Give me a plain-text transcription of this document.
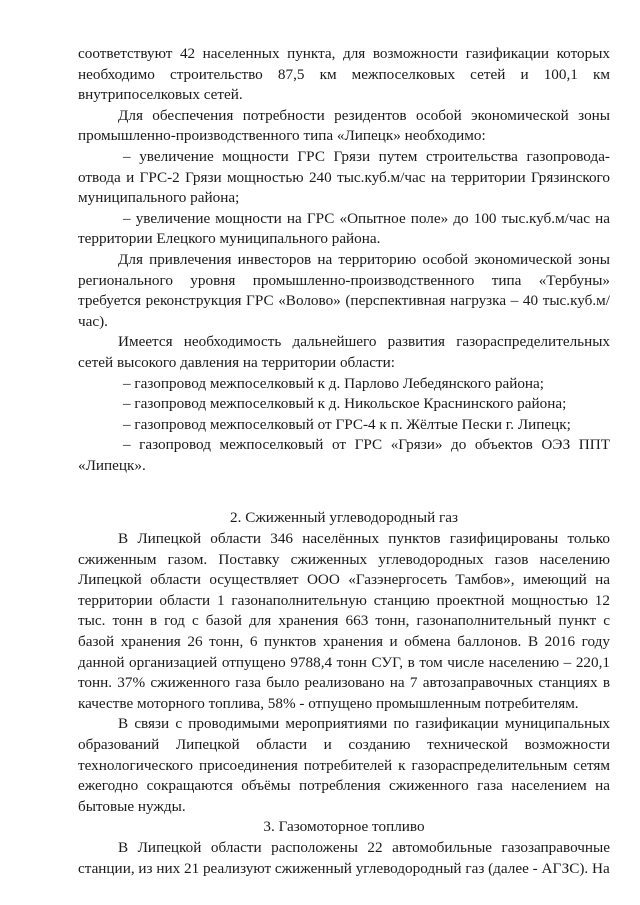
соответствуют 42 населенных пункта, для возможности газификации которых необходимо строительство 87,5 км межпоселковых сетей и 100,1 км внутрипоселковых сетей.

Для обеспечения потребности резидентов особой экономической зоны промышленно-производственного типа «Липецк» необходимо:

– увеличение мощности ГРС Грязи путем строительства газопровода-отвода и ГРС-2 Грязи мощностью 240 тыс.куб.м/час на территории Грязинского муниципального района;

– увеличение мощности на ГРС «Опытное поле» до 100 тыс.куб.м/час на территории Елецкого муниципального района.

Для привлечения инвесторов на территорию особой экономической зоны регионального уровня промышленно-производственного типа «Тербуны» требуется реконструкция ГРС «Волово» (перспективная нагрузка – 40 тыс.куб.м/час).

Имеется необходимость дальнейшего развития газораспределительных сетей высокого давления на территории области:

– газопровод межпоселковый к д. Парлово Лебедянского района;

– газопровод межпоселковый к д. Никольское Краснинского района;

– газопровод межпоселковый от ГРС-4 к п. Жёлтые Пески г. Липецк;

– газопровод межпоселковый от ГРС «Грязи» до объектов ОЭЗ ППТ «Липецк».

2. Сжиженный углеводородный газ

В Липецкой области 346 населённых пунктов газифицированы только сжиженным газом. Поставку сжиженных углеводородных газов населению Липецкой области осуществляет ООО «Газэнергосеть Тамбов», имеющий на территории области 1 газонаполнительную станцию проектной мощностью 12 тыс. тонн в год с базой для хранения 663 тонн, газонаполнительный пункт с базой хранения 26 тонн, 6 пунктов хранения и обмена баллонов. В 2016 году данной организацией отпущено 9788,4 тонн СУГ, в том числе населению – 220,1 тонн. 37% сжиженного газа было реализовано на 7 автозаправочных станциях в качестве моторного топлива, 58% - отпущено промышленным потребителям.

В связи с проводимыми мероприятиями по газификации муниципальных образований Липецкой области и созданию технической возможности технологического присоединения потребителей к газораспределительным сетям ежегодно сокращаются объёмы потребления сжиженного газа населением на бытовые нужды.

3. Газомоторное топливо

В Липецкой области расположены 22 автомобильные газозаправочные станции, из них 21 реализуют сжиженный углеводородный газ (далее - АГЗС). На
